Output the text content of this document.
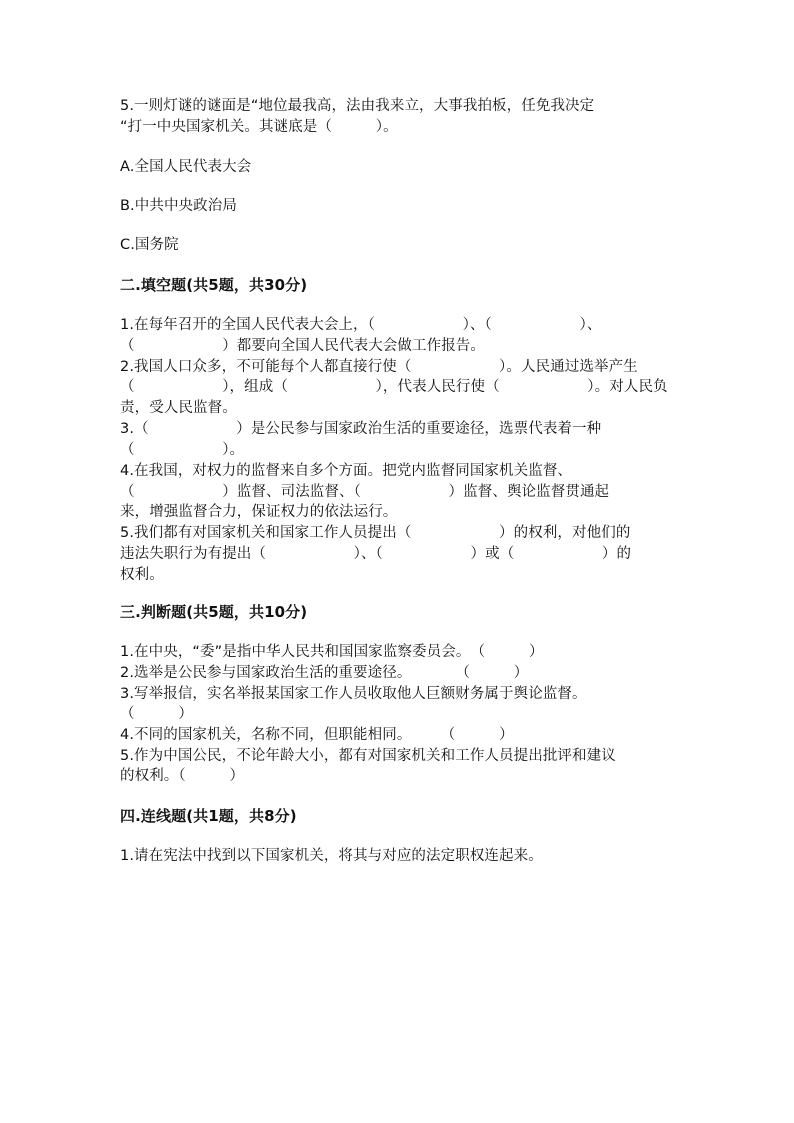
5.一则灯谜的谜面是“地位最我高，法由我来立，大事我拍板，任免我决定
“打一中央国家机关。其谜底是（　　　）。
A.全国人民代表大会
B.中共中央政治局
C.国务院
二.填空题(共5题，共30分)
1.在每年召开的全国人民代表大会上，（　　　　　　）、（　　　　　　）、
（　　　　　　）都要向全国人民代表大会做工作报告。
2.我国人口众多，不可能每个人都直接行使（　　　　　　）。人民通过选举产生
（　　　　　　），组成（　　　　　　），代表人民行使（　　　　　　）。对人民负
责，受人民监督。
3.（　　　　　　）是公民参与国家政治生活的重要途径，选票代表着一种
（　　　　　　）。
4.在我国，对权力的监督来自多个方面。把党内监督同国家机关监督、
（　　　　　　）监督、司法监督、（　　　　　　）监督、舆论监督贯通起
来，增强监督合力，保证权力的依法运行。
5.我们都有对国家机关和国家工作人员提出（　　　　　　）的权利，对他们的
违法失职行为有提出（　　　　　　）、（　　　　　　）或（　　　　　　）的
权利。
三.判断题(共5题，共10分)
1.在中央，“委”是指中华人民共和国国家监察委员会。　（　　　）
2.选举是公民参与国家政治生活的重要途径。　　　　（　　　）
3.写举报信，实名举报某国家工作人员收取他人巨额财务属于舆论监督。
（　　　）
4.不同的国家机关，名称不同，但职能相同。　　　（　　　）
5.作为中国公民，不论年龄大小，都有对国家机关和工作人员提出批评和建议
的权利。（　　　）
四.连线题(共1题，共8分)
1.请在宪法中找到以下国家机关，将其与对应的法定职权连起来。
